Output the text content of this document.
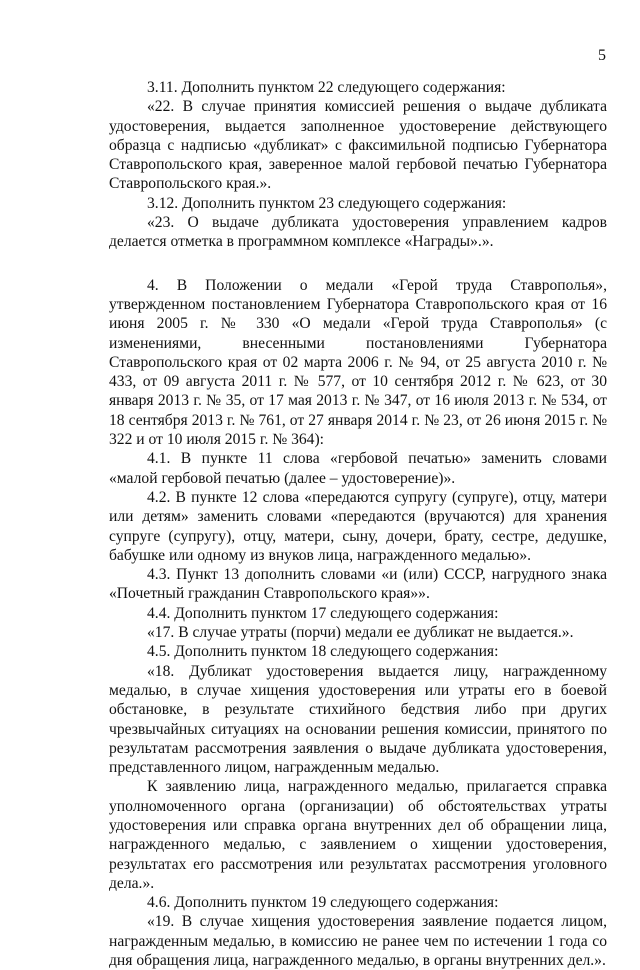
5

3.11. Дополнить пунктом 22 следующего содержания:

«22. В случае принятия комиссией решения о выдаче дубликата удостоверения, выдается заполненное удостоверение действующего образца с надписью «дубликат» с факсимильной подписью Губернатора Ставропольского края, заверенное малой гербовой печатью Губернатора Ставропольского края.».

3.12. Дополнить пунктом 23 следующего содержания:

«23. О выдаче дубликата удостоверения управлением кадров делается отметка в программном комплексе «Награды».».

4. В Положении о медали «Герой труда Ставрополья», утвержденном постановлением Губернатора Ставропольского края от 16 июня 2005 г. № 330 «О медали «Герой труда Ставрополья» (с изменениями, внесенными постановлениями Губернатора Ставропольского края от 02 марта 2006 г. № 94, от 25 августа 2010 г. № 433, от 09 августа 2011 г. № 577, от 10 сентября 2012 г. № 623, от 30 января 2013 г. № 35, от 17 мая 2013 г. № 347, от 16 июля 2013 г. № 534, от 18 сентября 2013 г. № 761, от 27 января 2014 г. № 23, от 26 июня 2015 г. № 322 и от 10 июля 2015 г. № 364):

4.1. В пункте 11 слова «гербовой печатью» заменить словами «малой гербовой печатью (далее – удостоверение)».

4.2. В пункте 12 слова «передаются супругу (супруге), отцу, матери или детям» заменить словами «передаются (вручаются) для хранения супруге (супругу), отцу, матери, сыну, дочери, брату, сестре, дедушке, бабушке или одному из внуков лица, награжденного медалью».

4.3. Пункт 13 дополнить словами «и (или) СССР, нагрудного знака «Почетный гражданин Ставропольского края»».

4.4. Дополнить пунктом 17 следующего содержания:

«17. В случае утраты (порчи) медали ее дубликат не выдается.».

4.5. Дополнить пунктом 18 следующего содержания:

«18. Дубликат удостоверения выдается лицу, награжденному медалью, в случае хищения удостоверения или утраты его в боевой обстановке, в результате стихийного бедствия либо при других чрезвычайных ситуациях на основании решения комиссии, принятого по результатам рассмотрения заявления о выдаче дубликата удостоверения, представленного лицом, награжденным медалью.

К заявлению лица, награжденного медалью, прилагается справка уполномоченного органа (организации) об обстоятельствах утраты удостоверения или справка органа внутренних дел об обращении лица, награжденного медалью, с заявлением о хищении удостоверения, результатах его рассмотрения или результатах рассмотрения уголовного дела.».

4.6. Дополнить пунктом 19 следующего содержания:

«19. В случае хищения удостоверения заявление подается лицом, награжденным медалью, в комиссию не ранее чем по истечении 1 года со дня обращения лица, награжденного медалью, в органы внутренних дел.».
